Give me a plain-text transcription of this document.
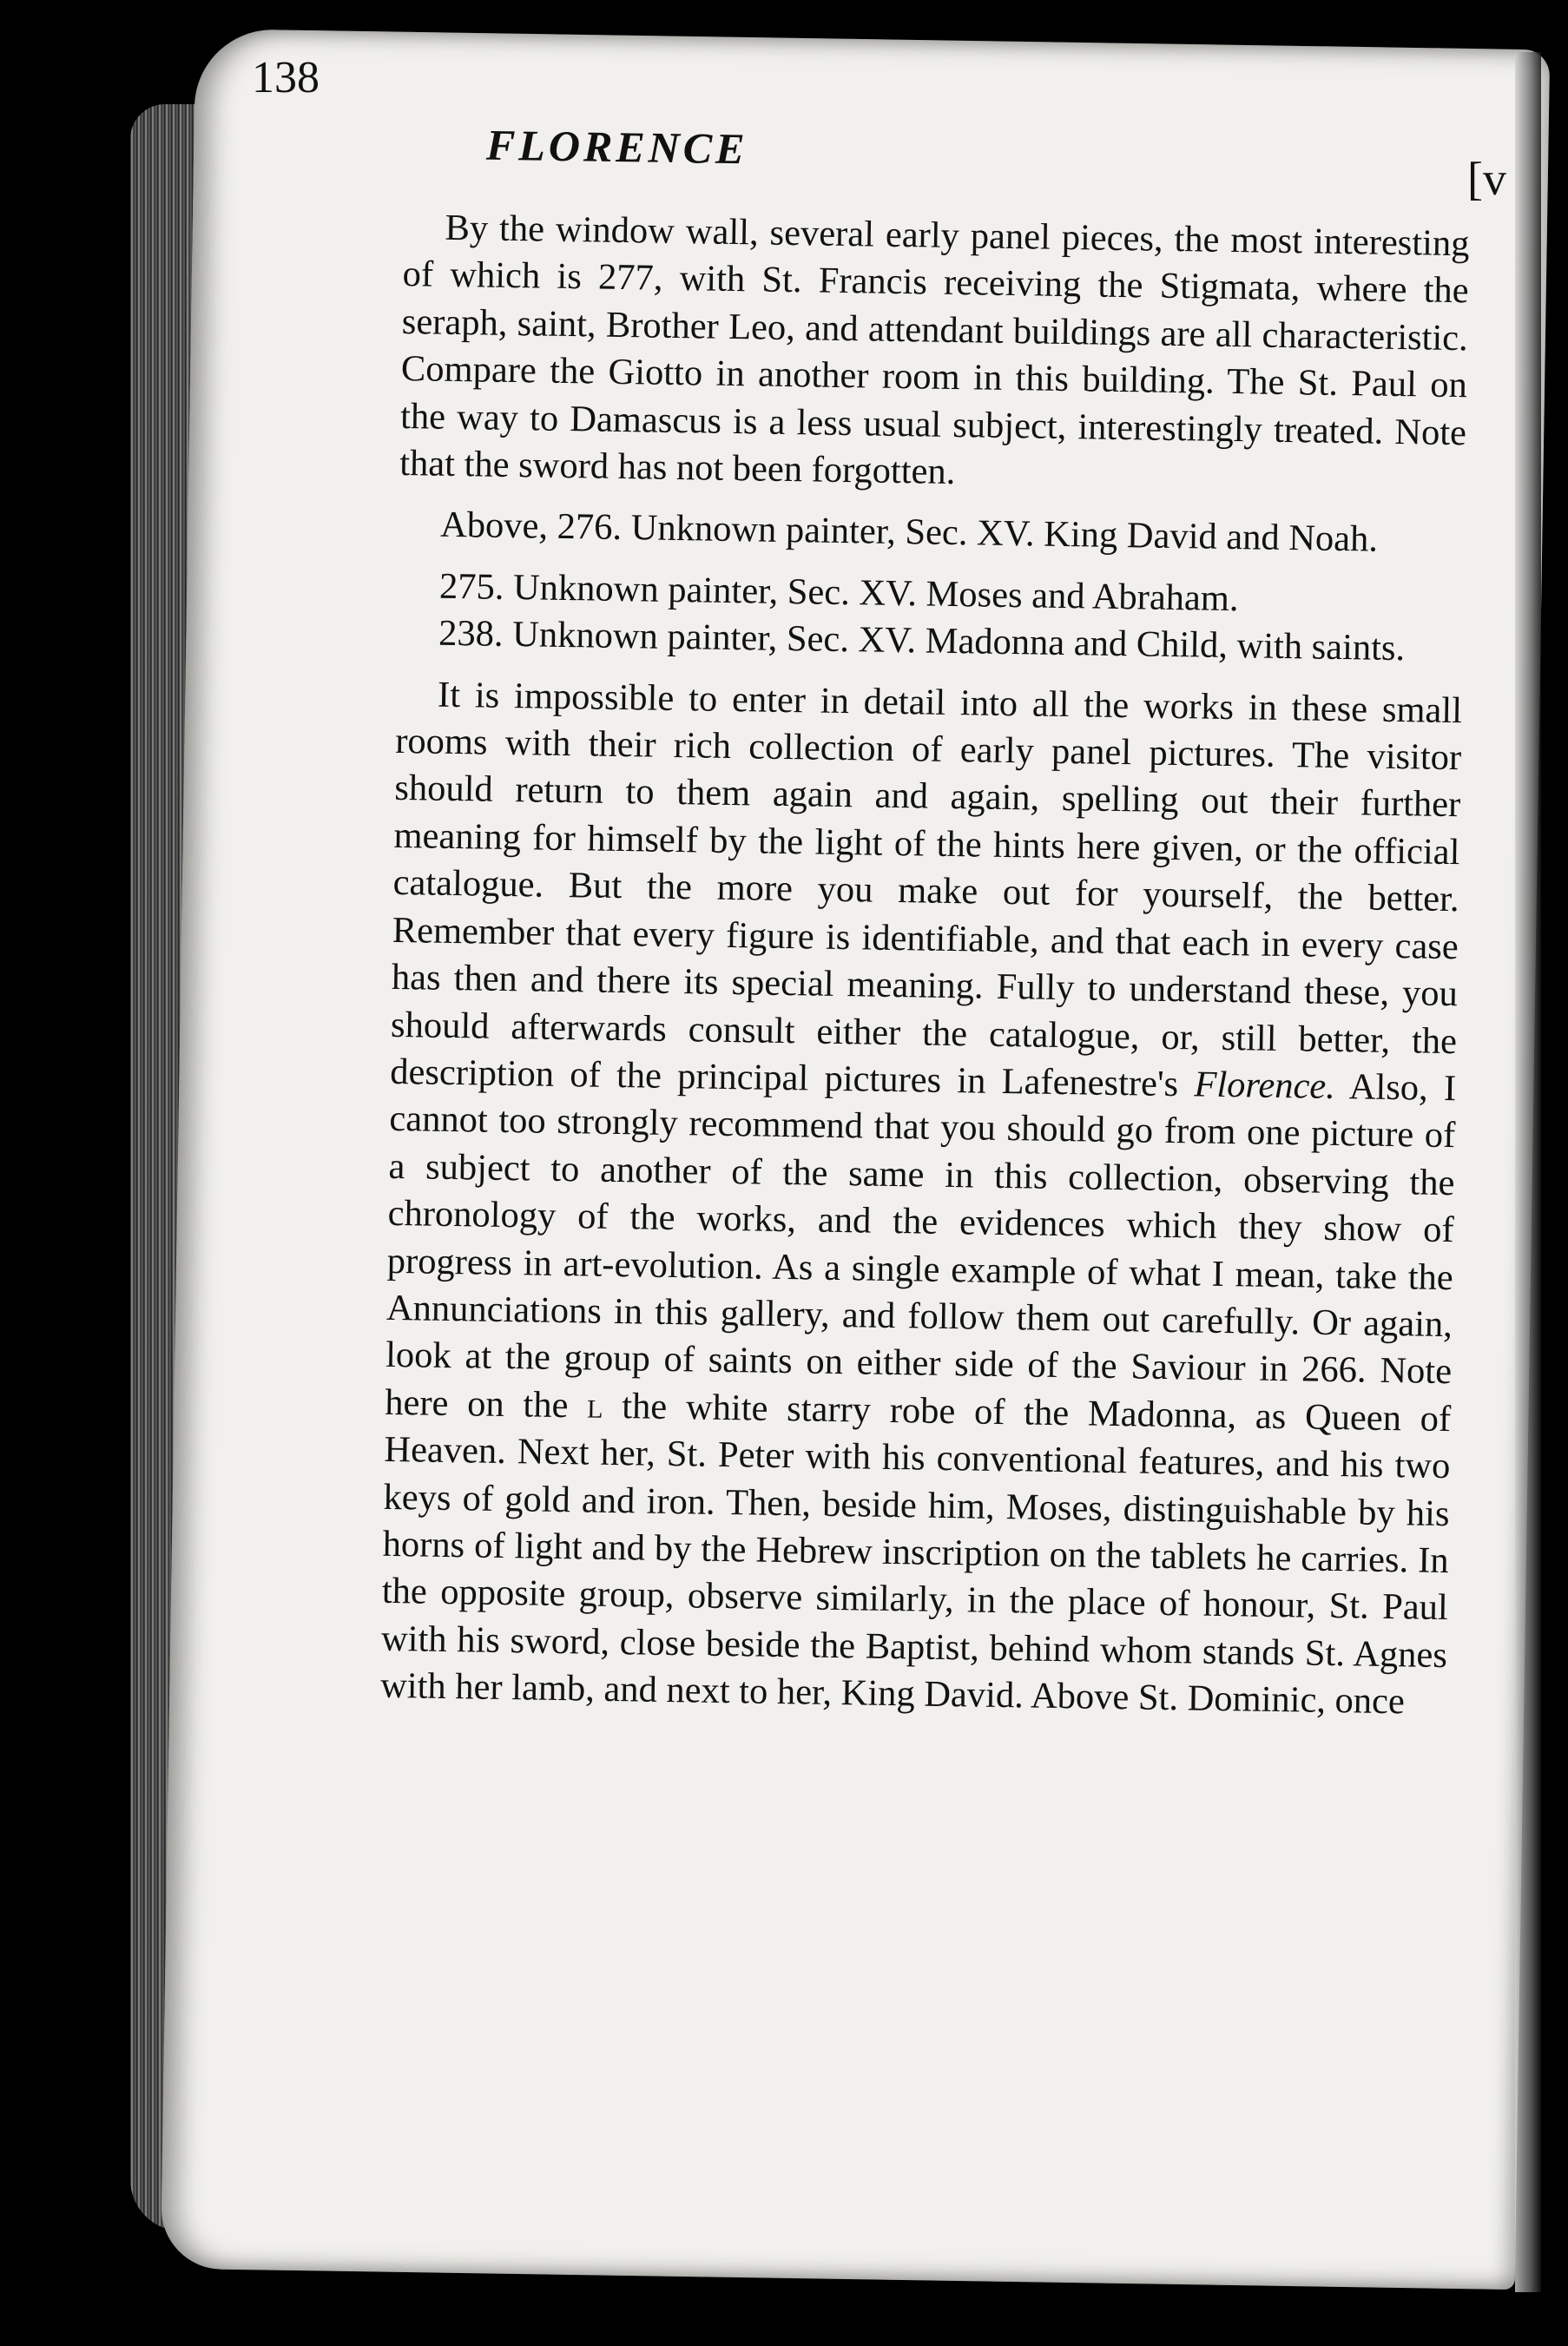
138
FLORENCE
[v

By the window wall, several early panel pieces, the most interesting of which is 277, with St. Francis receiving the Stigmata, where the seraph, saint, Brother Leo, and attendant buildings are all characteristic. Compare the Giotto in another room in this building. The St. Paul on the way to Damascus is a less usual subject, interestingly treated. Note that the sword has not been forgotten.

Above, 276. Unknown painter, Sec. XV. King David and Noah.

275. Unknown painter, Sec. XV. Moses and Abraham.

238. Unknown painter, Sec. XV. Madonna and Child, with saints.

It is impossible to enter in detail into all the works in these small rooms with their rich collection of early panel pictures. The visitor should return to them again and again, spelling out their further meaning for himself by the light of the hints here given, or the official catalogue. But the more you make out for yourself, the better. Remember that every figure is identifiable, and that each in every case has then and there its special meaning. Fully to understand these, you should afterwards consult either the catalogue, or, still better, the description of the principal pictures in Lafenestre's Florence. Also, I cannot too strongly recommend that you should go from one picture of a subject to another of the same in this collection, observing the chronology of the works, and the evidences which they show of progress in art-evolution. As a single example of what I mean, take the Annunciations in this gallery, and follow them out carefully. Or again, look at the group of saints on either side of the Saviour in 266. Note here on the l the white starry robe of the Madonna, as Queen of Heaven. Next her, St. Peter with his conventional features, and his two keys of gold and iron. Then, beside him, Moses, distinguishable by his horns of light and by the Hebrew inscription on the tablets he carries. In the opposite group, observe similarly, in the place of honour, St. Paul with his sword, close beside the Baptist, behind whom stands St. Agnes with her lamb, and next to her, King David. Above St. Dominic, once
